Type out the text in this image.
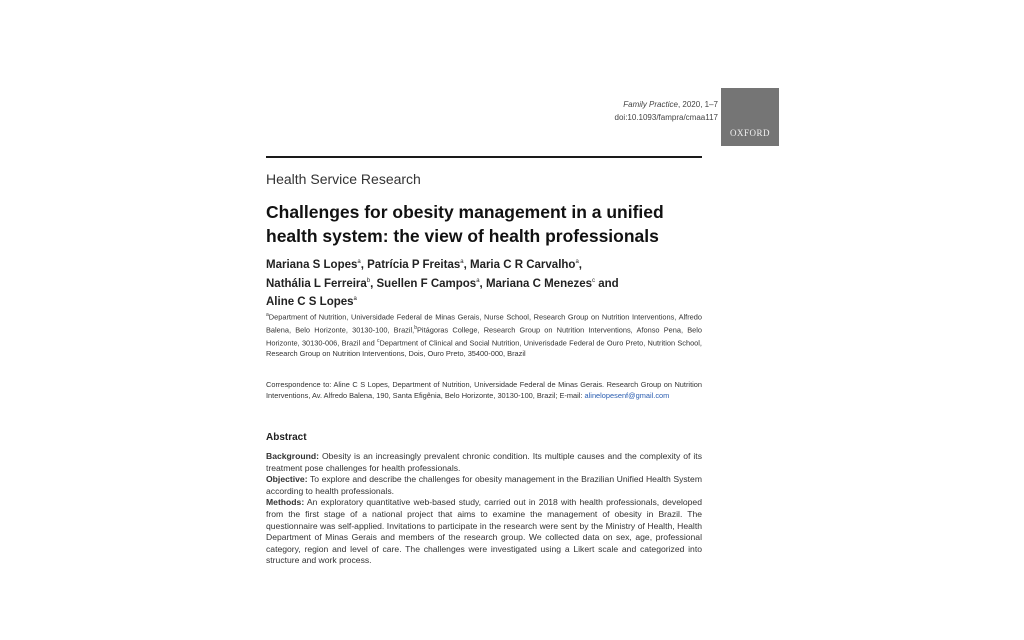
Family Practice, 2020, 1–7
doi:10.1093/fampra/cmaa117
OXFORD
Health Service Research
Challenges for obesity management in a unified health system: the view of health professionals
Mariana S Lopes$^a$, Patrícia P Freitas$^a$, Maria C R Carvalho$^a$,
Nathália L Ferreira$^b$, Suellen F Campos$^a$, Mariana C Menezes$^c$ and
Aline C S Lopes$^a$
$^a$Department of Nutrition, Universidade Federal de Minas Gerais, Nurse School, Research Group on Nutrition Interventions, Alfredo Balena, Belo Horizonte, 30130-100, Brazil,$^b$Pitágoras College, Research Group on Nutrition Interventions, Afonso Pena, Belo Horizonte, 30130-006, Brazil and $^c$Department of Clinical and Social Nutrition, Univerisdade Federal de Ouro Preto, Nutrition School, Research Group on Nutrition Interventions, Dois, Ouro Preto, 35400-000, Brazil
Correspondence to: Aline C S Lopes, Department of Nutrition, Universidade Federal de Minas Gerais. Research Group on Nutrition Interventions, Av. Alfredo Balena, 190, Santa Efigênia, Belo Horizonte, 30130-100, Brazil; E-mail: alinelopesenf@gmail.com
Abstract

Background: Obesity is an increasingly prevalent chronic condition. Its multiple causes and the complexity of its treatment pose challenges for health professionals.

Objective: To explore and describe the challenges for obesity management in the Brazilian Unified Health System according to health professionals.

Methods: An exploratory quantitative web-based study, carried out in 2018 with health professionals, developed from the first stage of a national project that aims to examine the management of obesity in Brazil. The questionnaire was self-applied. Invitations to participate in the research were sent by the Ministry of Health, Health Department of Minas Gerais and members of the research group. We collected data on sex, age, professional category, region and level of care. The challenges were investigated using a Likert scale and categorized into structure and work process.
